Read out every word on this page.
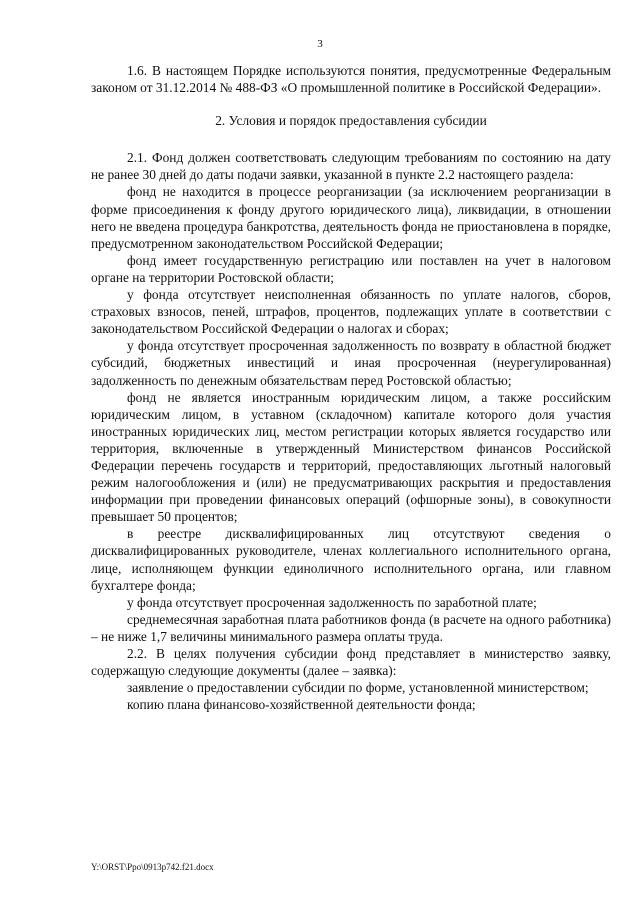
3

1.6. В настоящем Порядке используются понятия, предусмотренные Федеральным законом от 31.12.2014 № 488-ФЗ «О промышленной политике в Российской Федерации».

2. Условия и порядок предоставления субсидии

2.1. Фонд должен соответствовать следующим требованиям по состоянию на дату не ранее 30 дней до даты подачи заявки, указанной в пункте 2.2 настоящего раздела:

фонд не находится в процессе реорганизации (за исключением реорганизации в форме присоединения к фонду другого юридического лица), ликвидации, в отношении него не введена процедура банкротства, деятельность фонда не приостановлена в порядке, предусмотренном законодательством Российской Федерации;

фонд имеет государственную регистрацию или поставлен на учет в налоговом органе на территории Ростовской области;

у фонда отсутствует неисполненная обязанность по уплате налогов, сборов, страховых взносов, пеней, штрафов, процентов, подлежащих уплате в соответствии с законодательством Российской Федерации о налогах и сборах;

у фонда отсутствует просроченная задолженность по возврату в областной бюджет субсидий, бюджетных инвестиций и иная просроченная (неурегулированная) задолженность по денежным обязательствам перед Ростовской областью;

фонд не является иностранным юридическим лицом, а также российским юридическим лицом, в уставном (складочном) капитале которого доля участия иностранных юридических лиц, местом регистрации которых является государство или территория, включенные в утвержденный Министерством финансов Российской Федерации перечень государств и территорий, предоставляющих льготный налоговый режим налогообложения и (или) не предусматривающих раскрытия и предоставления информации при проведении финансовых операций (офшорные зоны), в совокупности превышает 50 процентов;

в реестре дисквалифицированных лиц отсутствуют сведения о дисквалифицированных руководителе, членах коллегиального исполнительного органа, лице, исполняющем функции единоличного исполнительного органа, или главном бухгалтере фонда;

у фонда отсутствует просроченная задолженность по заработной плате;

среднемесячная заработная плата работников фонда (в расчете на одного работника) – не ниже 1,7 величины минимального размера оплаты труда.

2.2. В целях получения субсидии фонд представляет в министерство заявку, содержащую следующие документы (далее – заявка):

заявление о предоставлении субсидии по форме, установленной министерством;

копию плана финансово-хозяйственной деятельности фонда;

Y:\ORST\Ppo\0913p742.f21.docx
